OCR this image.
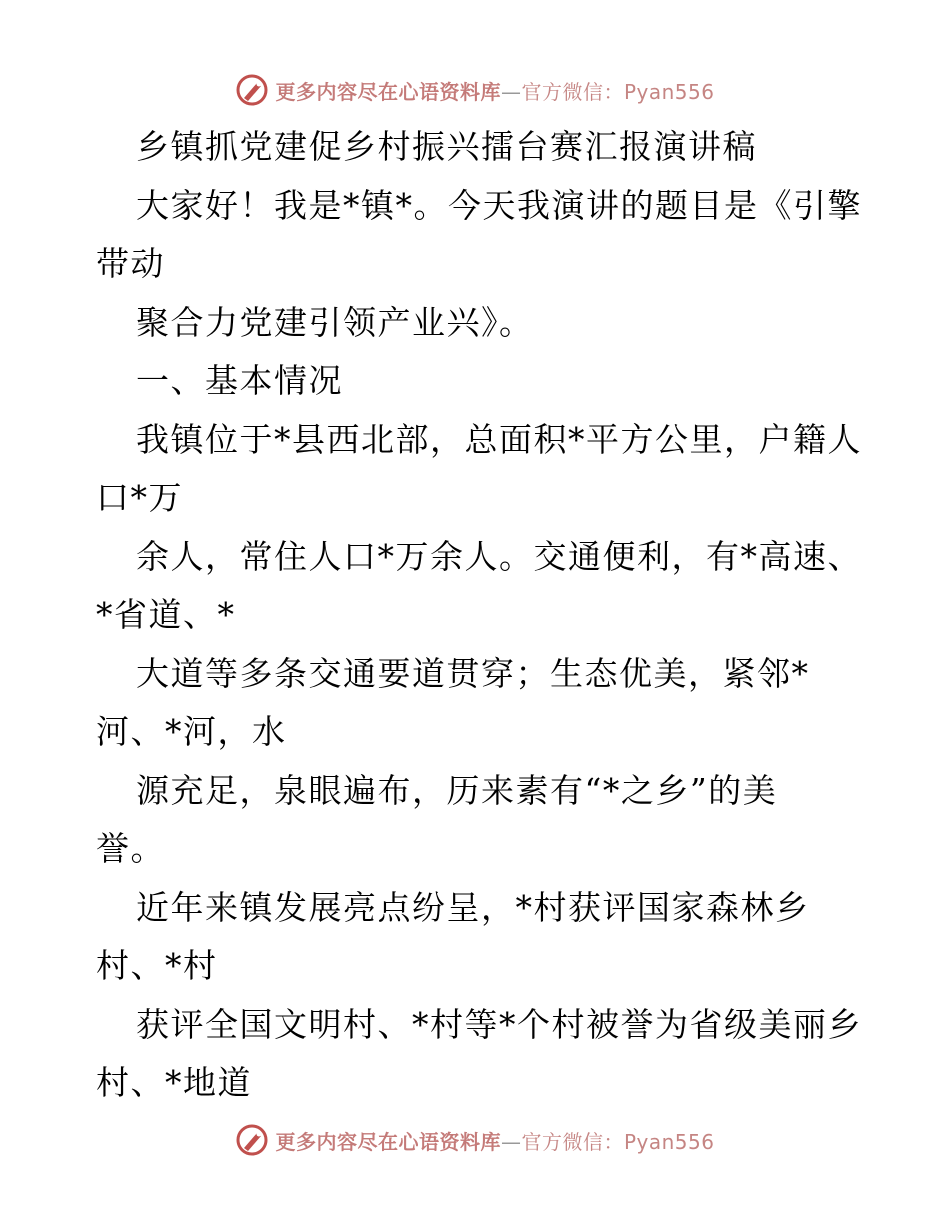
更多内容尽在心语资料库—官方微信：Pyan556
乡镇抓党建促乡村振兴擂台赛汇报演讲稿
大家好！我是*镇*。今天我演讲的题目是《引擎
带动
聚合力党建引领产业兴》。
一、基本情况
我镇位于*县西北部，总面积*平方公里，户籍人
口*万
余人，常住人口*万余人。交通便利，有*高速、
*省道、*
大道等多条交通要道贯穿；生态优美，紧邻*
河、*河，水
源充足，泉眼遍布，历来素有“*之乡”的美
誉。
近年来镇发展亮点纷呈，*村获评国家森林乡
村、*村
获评全国文明村、*村等*个村被誉为省级美丽乡
村、*地道
更多内容尽在心语资料库—官方微信：Pyan556
